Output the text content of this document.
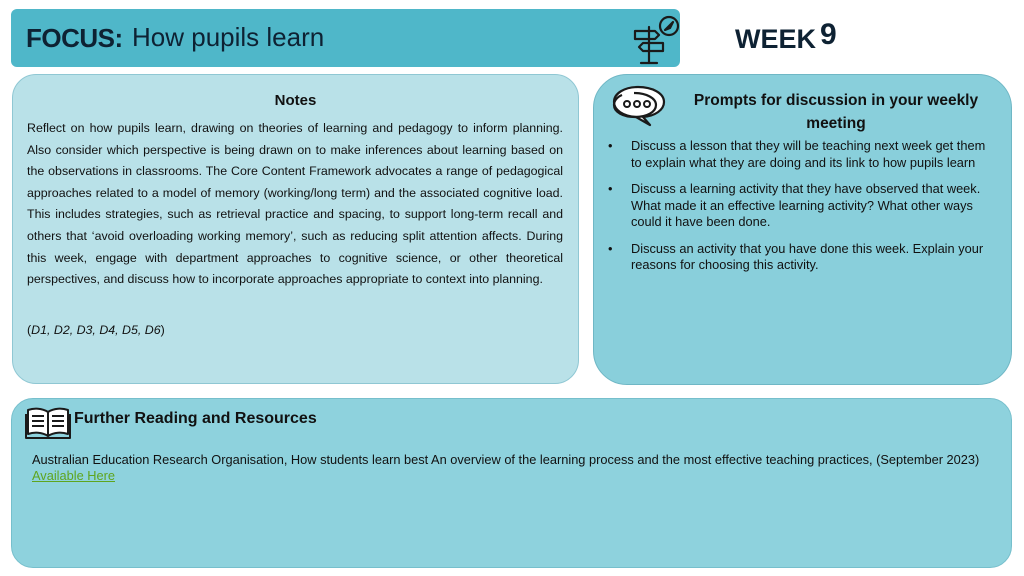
FOCUS: How pupils learn	WEEK 9
Notes
Reflect on how pupils learn, drawing on theories of learning and pedagogy to inform planning. Also consider which perspective is being drawn on to make inferences about learning based on the observations in classrooms. The Core Content Framework advocates a range of pedagogical approaches related to a model of memory (working/long term) and the associated cognitive load. This includes strategies, such as retrieval practice and spacing, to support long-term recall and others that ‘avoid overloading working memory’, such as reducing split attention affects. During this week, engage with department approaches to cognitive science, or other theoretical perspectives, and discuss how to incorporate approaches appropriate to context into planning.
(D1, D2, D3, D4, D5, D6)
Prompts for discussion in your weekly meeting
• Discuss a lesson that they will be teaching next week get them to explain what they are doing and its link to how pupils learn
• Discuss a learning activity that they have observed that week. What made it an effective learning activity? What other ways could it have been done.
• Discuss an activity that you have done this week. Explain your reasons for choosing this activity.
Further Reading and Resources
Australian Education Research Organisation, How students learn best An overview of the learning process and the most effective teaching practices, (September 2023) Available Here
